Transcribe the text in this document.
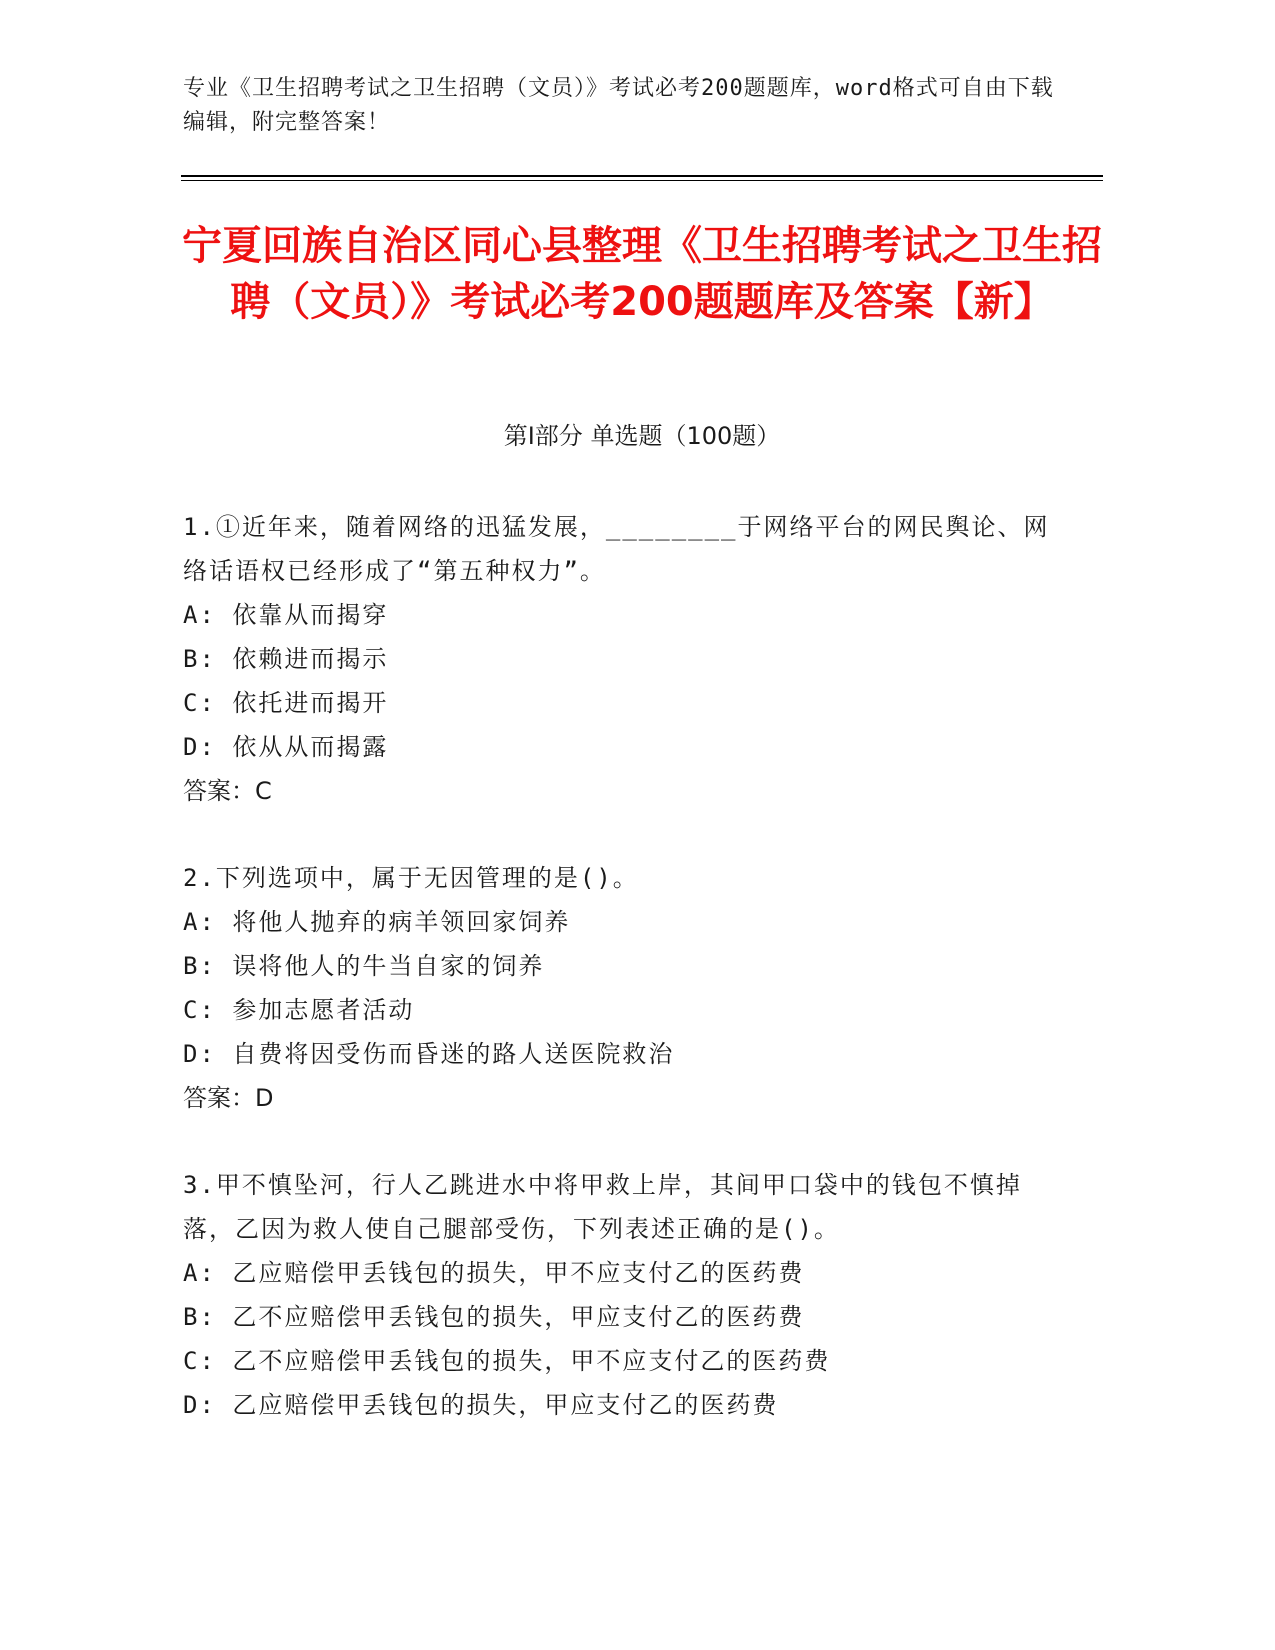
专业《卫生招聘考试之卫生招聘（文员）》考试必考200题题库，word格式可自由下载编辑，附完整答案！
宁夏回族自治区同心县整理《卫生招聘考试之卫生招聘（文员）》考试必考200题题库及答案【新】
第Ⅰ部分 单选题（100题）
1.①近年来，随着网络的迅猛发展，________于网络平台的网民舆论、网络话语权已经形成了“第五种权力”。
A: 依靠从而揭穿
B: 依赖进而揭示
C: 依托进而揭开
D: 依从从而揭露
答案：C
2.下列选项中，属于无因管理的是()。
A: 将他人抛弃的病羊领回家饲养
B: 误将他人的牛当自家的饲养
C: 参加志愿者活动
D: 自费将因受伤而昏迷的路人送医院救治
答案：D
3.甲不慎坠河，行人乙跳进水中将甲救上岸，其间甲口袋中的钱包不慎掉落，乙因为救人使自己腿部受伤，下列表述正确的是()。
A: 乙应赔偿甲丢钱包的损失，甲不应支付乙的医药费
B: 乙不应赔偿甲丢钱包的损失，甲应支付乙的医药费
C: 乙不应赔偿甲丢钱包的损失，甲不应支付乙的医药费
D: 乙应赔偿甲丢钱包的损失，甲应支付乙的医药费
